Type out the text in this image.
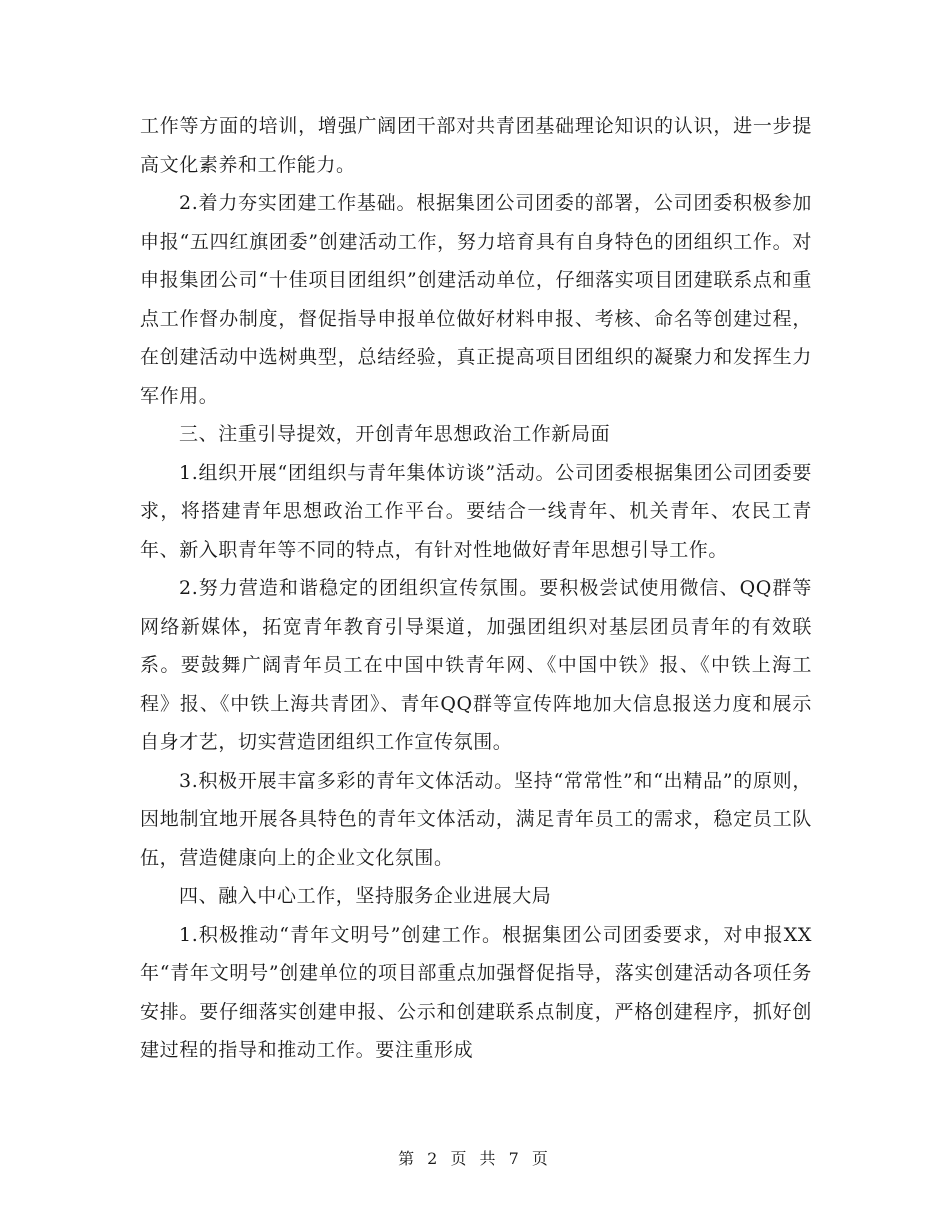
工作等方面的培训，增强广阔团干部对共青团基础理论知识的认识，进一步提高文化素养和工作能力。

2.着力夯实团建工作基础。根据集团公司团委的部署，公司团委积极参加申报“五四红旗团委”创建活动工作，努力培育具有自身特色的团组织工作。对申报集团公司“十佳项目团组织”创建活动单位，仔细落实项目团建联系点和重点工作督办制度，督促指导申报单位做好材料申报、考核、命名等创建过程，在创建活动中选树典型，总结经验，真正提高项目团组织的凝聚力和发挥生力军作用。

三、注重引导提效，开创青年思想政治工作新局面

1.组织开展“团组织与青年集体访谈”活动。公司团委根据集团公司团委要求，将搭建青年思想政治工作平台。要结合一线青年、机关青年、农民工青年、新入职青年等不同的特点，有针对性地做好青年思想引导工作。

2.努力营造和谐稳定的团组织宣传氛围。要积极尝试使用微信、QQ群等网络新媒体，拓宽青年教育引导渠道，加强团组织对基层团员青年的有效联系。要鼓舞广阔青年员工在中国中铁青年网、《中国中铁》报、《中铁上海工程》报、《中铁上海共青团》、青年QQ群等宣传阵地加大信息报送力度和展示自身才艺，切实营造团组织工作宣传氛围。

3.积极开展丰富多彩的青年文体活动。坚持“常常性”和“出精品”的原则，因地制宜地开展各具特色的青年文体活动，满足青年员工的需求，稳定员工队伍，营造健康向上的企业文化氛围。

四、融入中心工作，坚持服务企业进展大局

1.积极推动“青年文明号”创建工作。根据集团公司团委要求，对申报XX年“青年文明号”创建单位的项目部重点加强督促指导，落实创建活动各项任务安排。要仔细落实创建申报、公示和创建联系点制度，严格创建程序，抓好创建过程的指导和推动工作。要注重形成

第 2 页 共 7 页
